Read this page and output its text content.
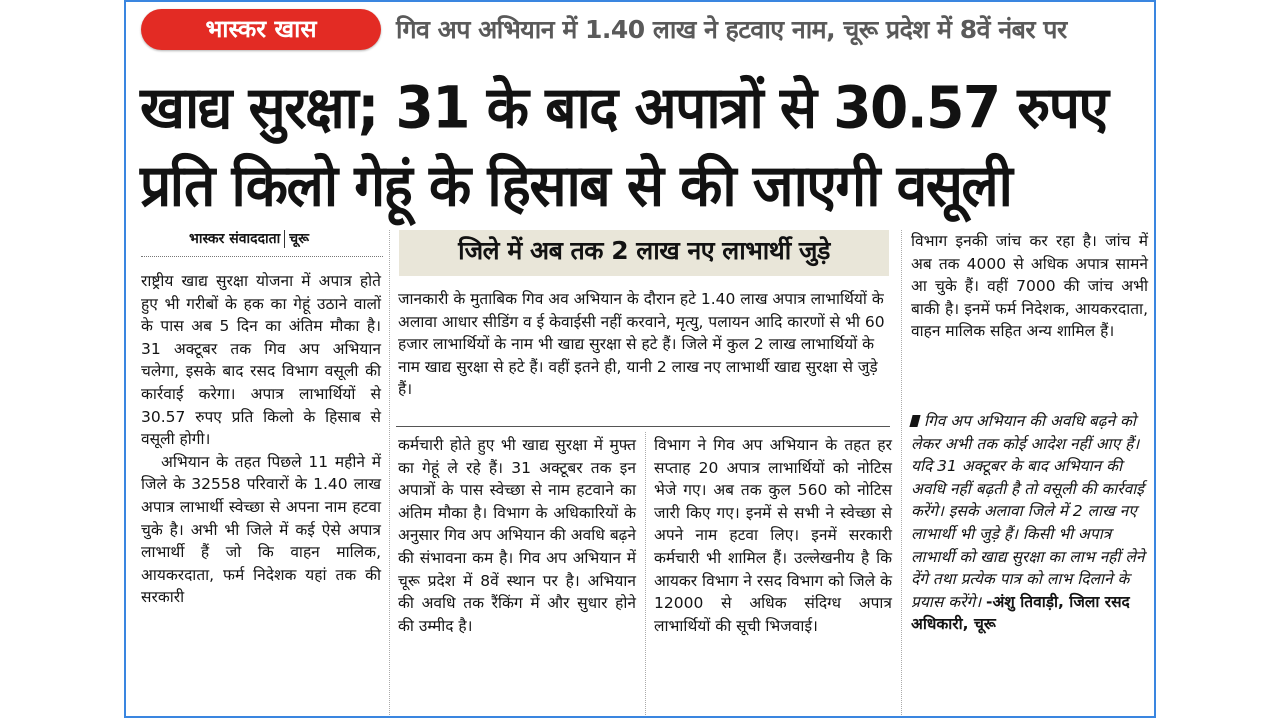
भास्कर खास	गिव अप अभियान में 1.40 लाख ने हटवाए नाम, चूरू प्रदेश में 8वें नंबर पर
खाद्य सुरक्षा; 31 के बाद अपात्रों से 30.57 रुपए
प्रति किलो गेहूं के हिसाब से की जाएगी वसूली
भास्कर संवाददाता चूरू

राष्ट्रीय खाद्य सुरक्षा योजना में अपात्र होते हुए भी गरीबों के हक का गेहूं उठाने वालों के पास अब 5 दिन का अंतिम मौका है। 31 अक्टूबर तक गिव अप अभियान चलेगा, इसके बाद रसद विभाग वसूली की कार्रवाई करेगा। अपात्र लाभार्थियों से 30.57 रुपए प्रति किलो के हिसाब से वसूली होगी।

अभियान के तहत पिछले 11 महीने में जिले के 32558 परिवारों के 1.40 लाख अपात्र लाभार्थी स्वेच्छा से अपना नाम हटवा चुके है। अभी भी जिले में कई ऐसे अपात्र लाभार्थी हैं जो कि वाहन मालिक, आयकरदाता, फर्म निदेशक यहां तक की सरकारी

जिले में अब तक 2 लाख नए लाभार्थी जुड़े
जानकारी के मुताबिक गिव अव अभियान के दौरान हटे 1.40 लाख अपात्र लाभार्थियों के अलावा आधार सीडिंग व ई केवाईसी नहीं करवाने, मृत्यु, पलायन आदि कारणों से भी 60 हजार लाभार्थियों के नाम भी खाद्य सुरक्षा से हटे हैं। जिले में कुल 2 लाख लाभार्थियों के नाम खाद्य सुरक्षा से हटे हैं। वहीं इतने ही, यानी 2 लाख नए लाभार्थी खाद्य सुरक्षा से जुड़े हैं।

कर्मचारी होते हुए भी खाद्य सुरक्षा में मुफ्त का गेहूं ले रहे हैं। 31 अक्टूबर तक इन अपात्रों के पास स्वेच्छा से नाम हटवाने का अंतिम मौका है। विभाग के अधिकारियों के अनुसार गिव अप अभियान की अवधि बढ़ने की संभावना कम है। गिव अप अभियान में चूरू प्रदेश में 8वें स्थान पर है। अभियान की अवधि तक रैंकिंग में और सुधार होने की उम्मीद है।

विभाग ने गिव अप अभियान के तहत हर सप्ताह 20 अपात्र लाभार्थियों को नोटिस भेजे गए। अब तक कुल 560 को नोटिस जारी किए गए। इनमें से सभी ने स्वेच्छा से अपने नाम हटवा लिए। इनमें सरकारी कर्मचारी भी शामिल हैं। उल्लेखनीय है कि आयकर विभाग ने रसद विभाग को जिले के 12000 से अधिक संदिग्ध अपात्र लाभार्थियों की सूची भिजवाई।

विभाग इनकी जांच कर रहा है। जांच में अब तक 4000 से अधिक अपात्र सामने आ चुके हैं। वहीं 7000 की जांच अभी बाकी है। इनमें फर्म निदेशक, आयकरदाता, वाहन मालिक सहित अन्य शामिल हैं।

गिव अप अभियान की अवधि बढ़ने को लेकर अभी तक कोई आदेश नहीं आए हैं। यदि 31 अक्टूबर के बाद अभियान की अवधि नहीं बढ़ती है तो वसूली की कार्रवाई करेंगे। इसके अलावा जिले में 2 लाख नए लाभार्थी भी जुड़े हैं। किसी भी अपात्र लाभार्थी को खाद्य सुरक्षा का लाभ नहीं लेने देंगे तथा प्रत्येक पात्र को लाभ दिलाने के प्रयास करेंगे। -अंशु तिवाड़ी, जिला रसद अधिकारी, चूरू
